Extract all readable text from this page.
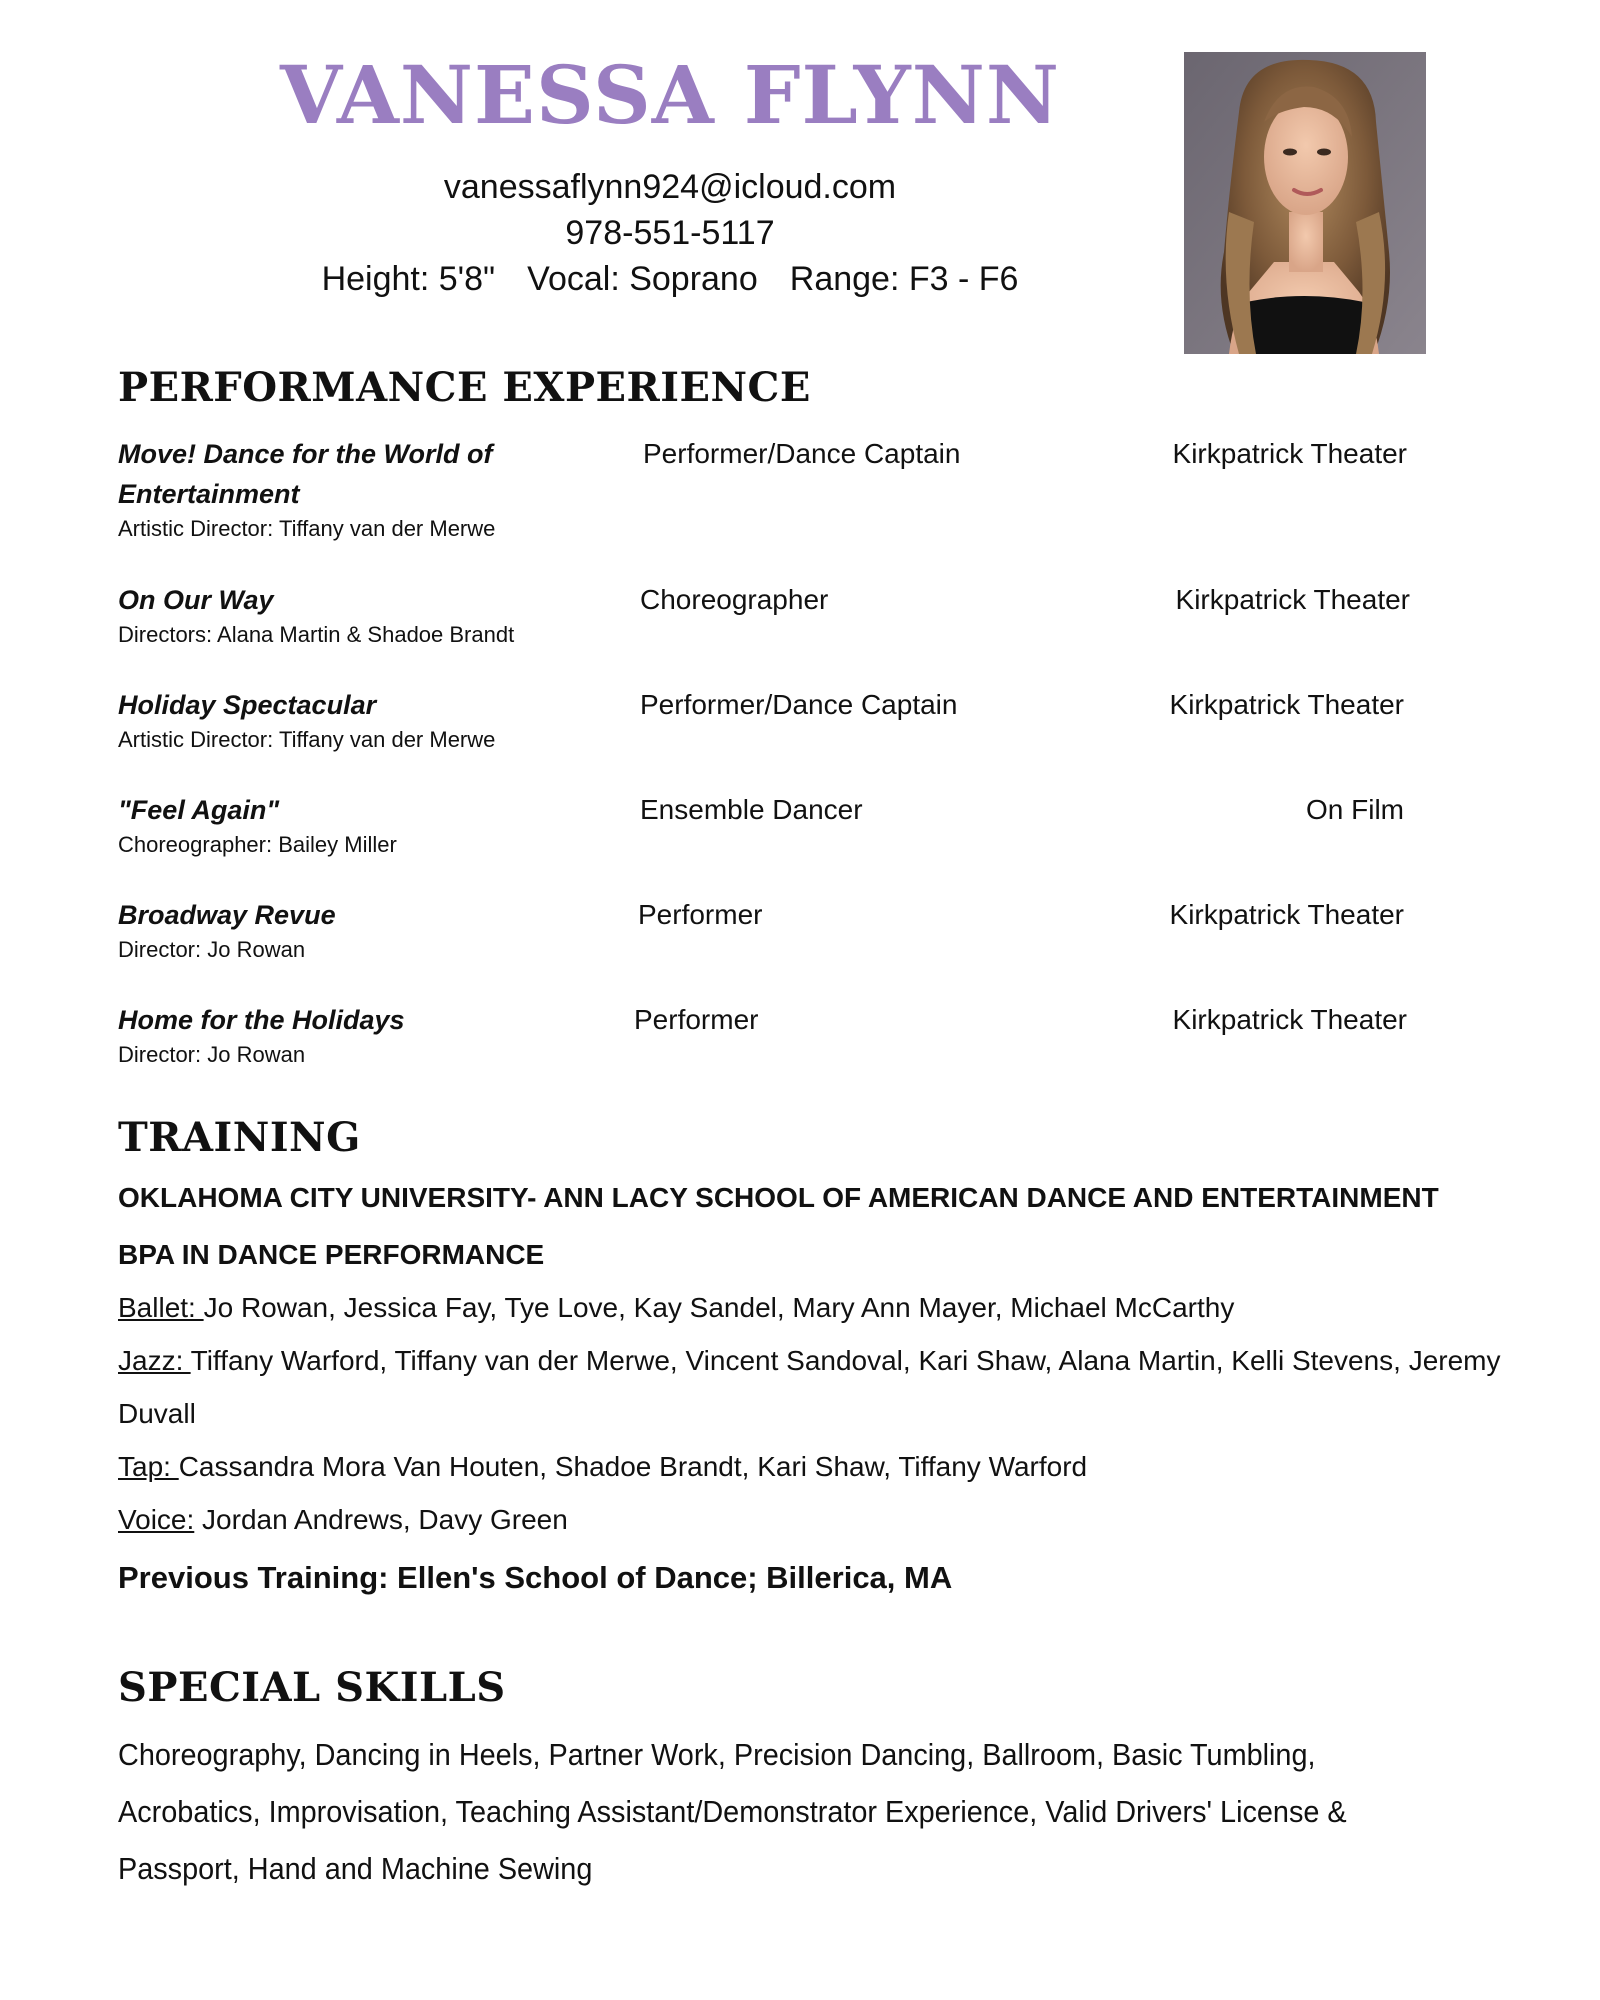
VANESSA FLYNN
vanessaflynn924@icloud.com
978-551-5117
Height: 5'8" Vocal: Soprano Range: F3 - F6
PERFORMANCE EXPERIENCE
Move! Dance for the World of Entertainment
Artistic Director: Tiffany van der Merwe
Performer/Dance Captain	Kirkpatrick Theater
On Our Way
Directors: Alana Martin & Shadoe Brandt
Choreographer	Kirkpatrick Theater
Holiday Spectacular
Artistic Director: Tiffany van der Merwe
Performer/Dance Captain	Kirkpatrick Theater
"Feel Again"
Choreographer: Bailey Miller
Ensemble Dancer	On Film
Broadway Revue
Director: Jo Rowan
Performer	Kirkpatrick Theater
Home for the Holidays
Director: Jo Rowan
Performer	Kirkpatrick Theater
TRAINING
OKLAHOMA CITY UNIVERSITY- ANN LACY SCHOOL OF AMERICAN DANCE AND ENTERTAINMENT
BPA IN DANCE PERFORMANCE
Ballet: Jo Rowan, Jessica Fay, Tye Love, Kay Sandel, Mary Ann Mayer, Michael McCarthy
Jazz: Tiffany Warford, Tiffany van der Merwe, Vincent Sandoval, Kari Shaw, Alana Martin, Kelli Stevens, Jeremy Duvall
Tap: Cassandra Mora Van Houten, Shadoe Brandt, Kari Shaw, Tiffany Warford
Voice: Jordan Andrews, Davy Green
Previous Training: Ellen's School of Dance; Billerica, MA
SPECIAL SKILLS
Choreography, Dancing in Heels, Partner Work, Precision Dancing, Ballroom, Basic Tumbling, Acrobatics, Improvisation, Teaching Assistant/Demonstrator Experience, Valid Drivers' License & Passport, Hand and Machine Sewing
